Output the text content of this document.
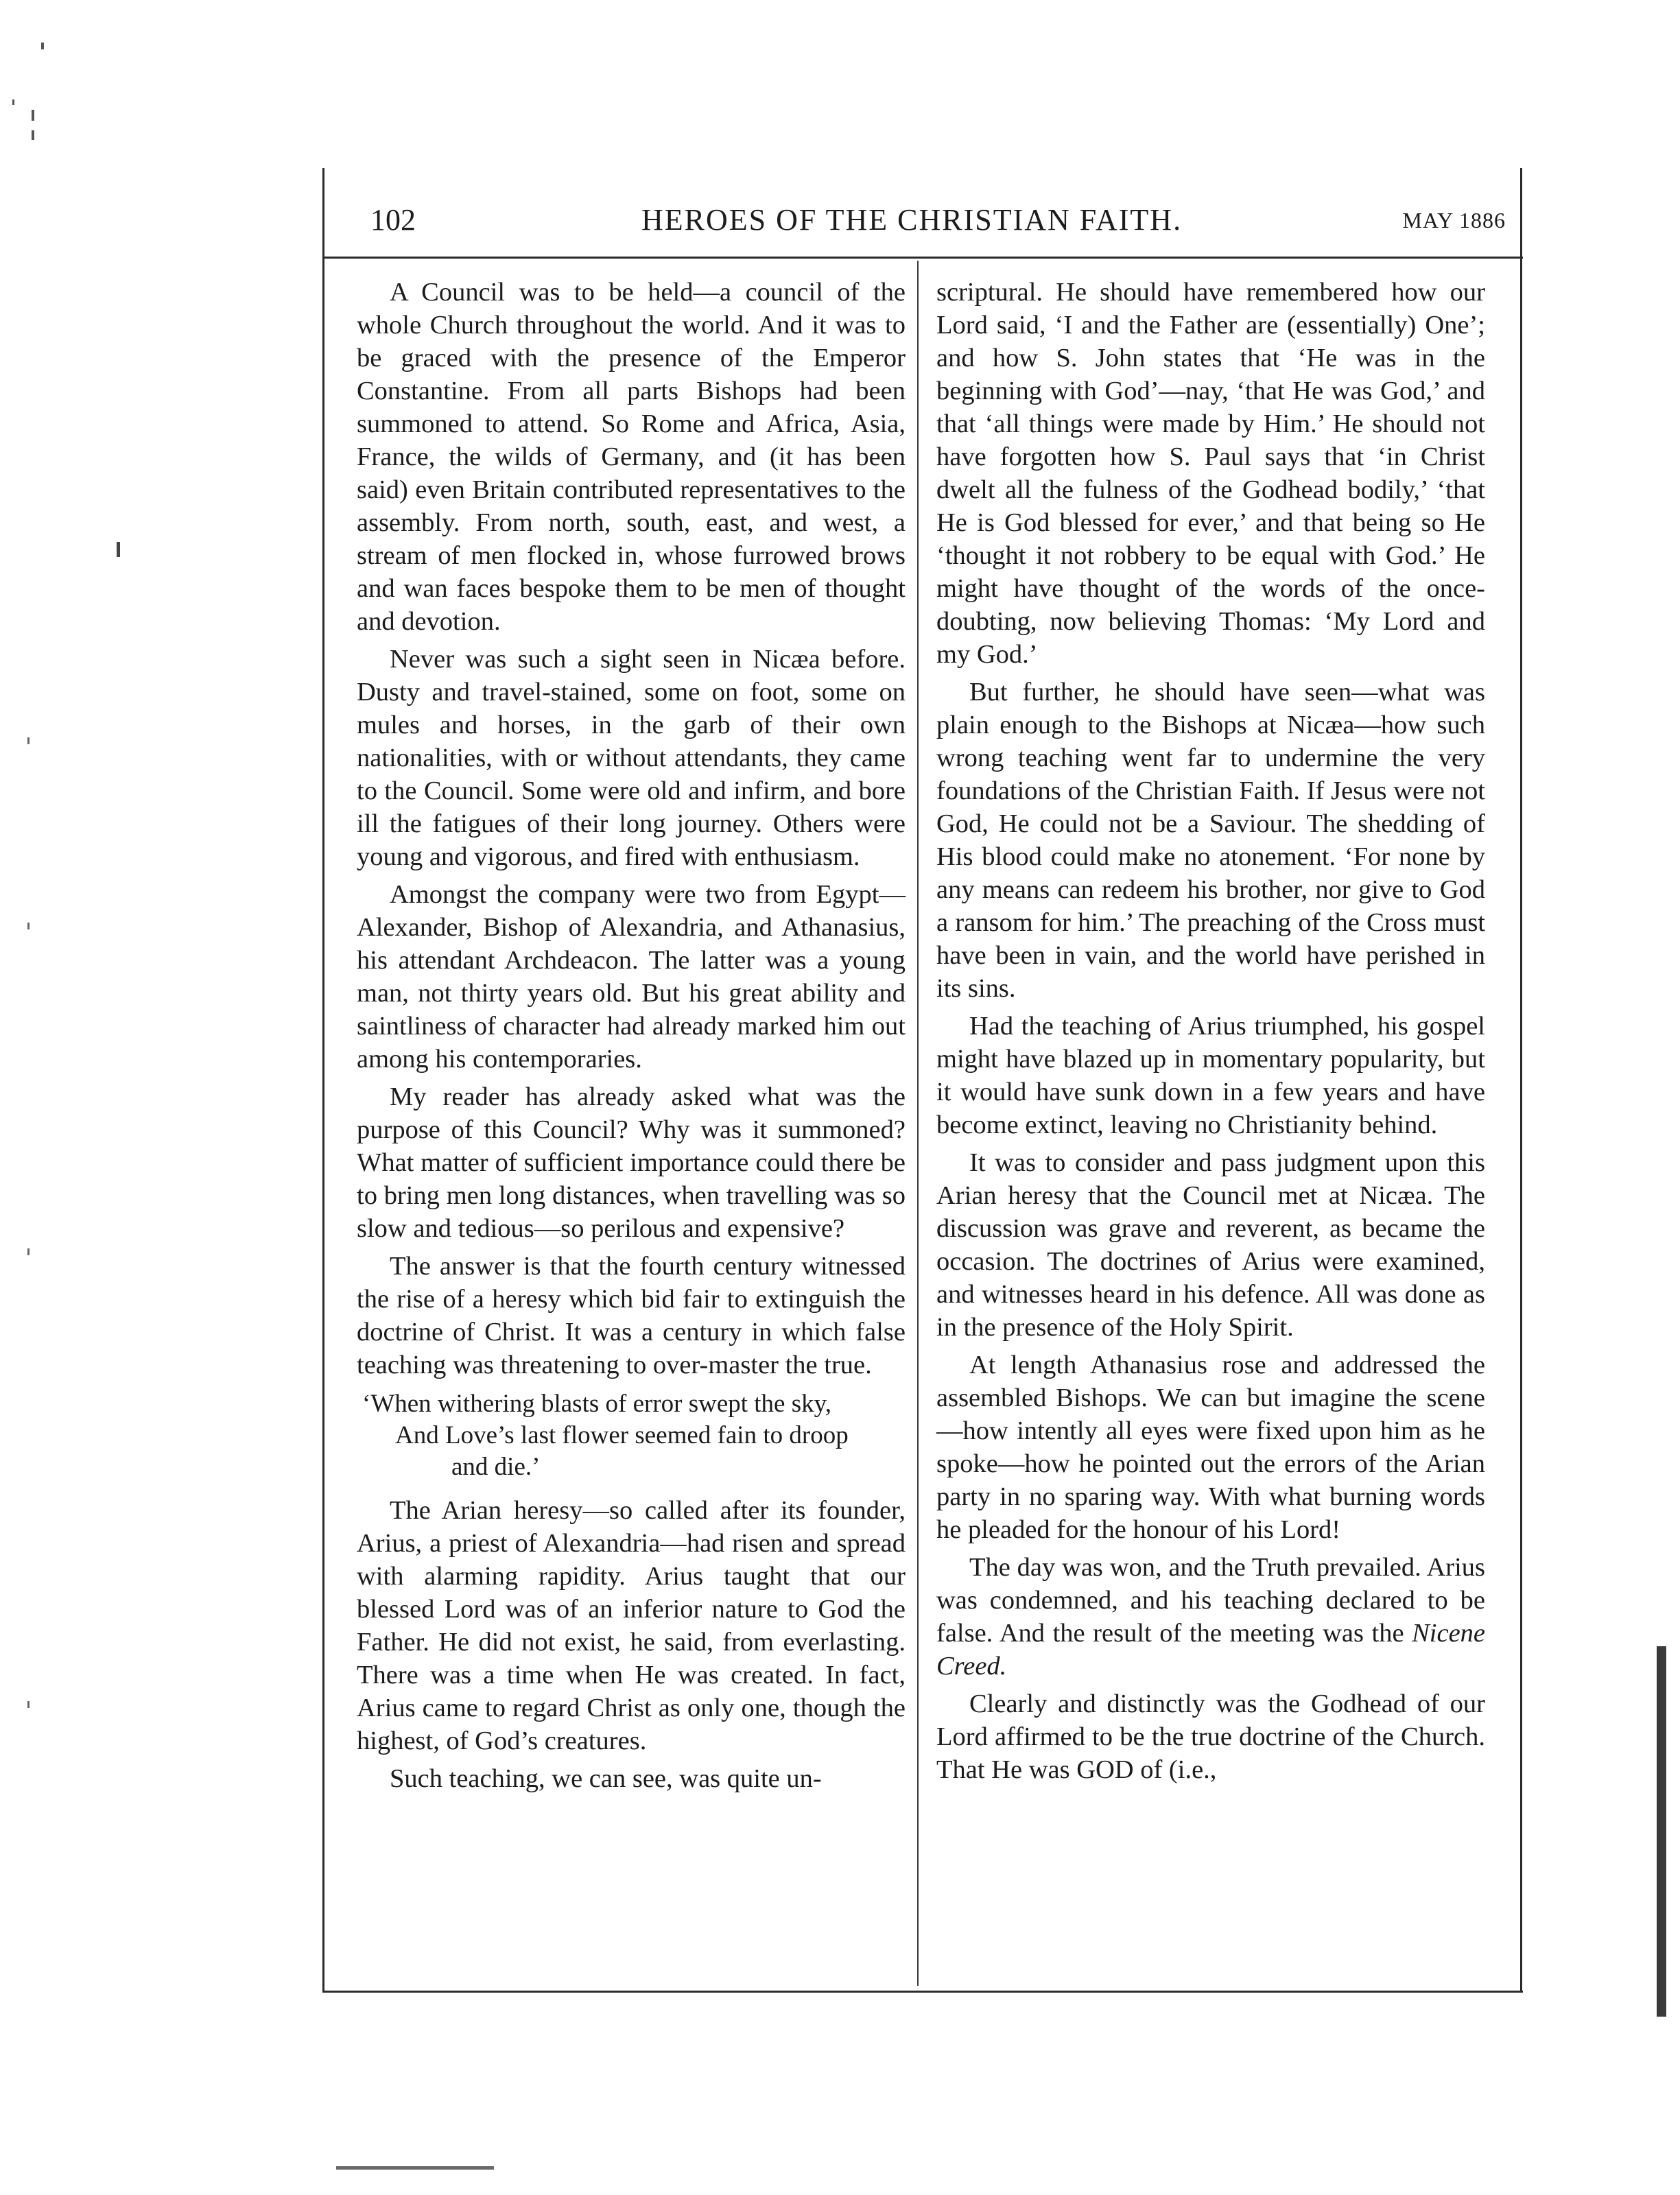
102	HEROES OF THE CHRISTIAN FAITH.	MAY 1886

A Council was to be held—a council of the whole Church throughout the world. And it was to be graced with the presence of the Emperor Constantine. From all parts Bishops had been summoned to attend. So Rome and Africa, Asia, France, the wilds of Germany, and (it has been said) even Britain contributed representatives to the assembly. From north, south, east, and west, a stream of men flocked in, whose furrowed brows and wan faces bespoke them to be men of thought and devotion.

Never was such a sight seen in Nicæa before. Dusty and travel-stained, some on foot, some on mules and horses, in the garb of their own nationalities, with or without attendants, they came to the Council. Some were old and infirm, and bore ill the fatigues of their long journey. Others were young and vigorous, and fired with enthusiasm.

Amongst the company were two from Egypt—Alexander, Bishop of Alexandria, and Athanasius, his attendant Archdeacon. The latter was a young man, not thirty years old. But his great ability and saintliness of character had already marked him out among his contemporaries.

My reader has already asked what was the purpose of this Council? Why was it summoned? What matter of sufficient importance could there be to bring men long distances, when travelling was so slow and tedious—so perilous and expensive?

The answer is that the fourth century witnessed the rise of a heresy which bid fair to extinguish the doctrine of Christ. It was a century in which false teaching was threatening to over-master the true.

‘When withering blasts of error swept the sky,
And Love’s last flower seemed fain to droop
and die.’

The Arian heresy—so called after its founder, Arius, a priest of Alexandria—had risen and spread with alarming rapidity. Arius taught that our blessed Lord was of an inferior nature to God the Father. He did not exist, he said, from everlasting. There was a time when He was created. In fact, Arius came to regard Christ as only one, though the highest, of God’s creatures.

Such teaching, we can see, was quite un-

scriptural. He should have remembered how our Lord said, ‘I and the Father are (essentially) One’; and how S. John states that ‘He was in the beginning with God’—nay, ‘that He was God,’ and that ‘all things were made by Him.’ He should not have forgotten how S. Paul says that ‘in Christ dwelt all the fulness of the Godhead bodily,’ ‘that He is God blessed for ever,’ and that being so He ‘thought it not robbery to be equal with God.’ He might have thought of the words of the once-doubting, now believing Thomas: ‘My Lord and my God.’

But further, he should have seen—what was plain enough to the Bishops at Nicæa—how such wrong teaching went far to undermine the very foundations of the Christian Faith. If Jesus were not God, He could not be a Saviour. The shedding of His blood could make no atonement. ‘For none by any means can redeem his brother, nor give to God a ransom for him.’ The preaching of the Cross must have been in vain, and the world have perished in its sins.

Had the teaching of Arius triumphed, his gospel might have blazed up in momentary popularity, but it would have sunk down in a few years and have become extinct, leaving no Christianity behind.

It was to consider and pass judgment upon this Arian heresy that the Council met at Nicæa. The discussion was grave and reverent, as became the occasion. The doctrines of Arius were examined, and witnesses heard in his defence. All was done as in the presence of the Holy Spirit.

At length Athanasius rose and addressed the assembled Bishops. We can but imagine the scene—how intently all eyes were fixed upon him as he spoke—how he pointed out the errors of the Arian party in no sparing way. With what burning words he pleaded for the honour of his Lord!

The day was won, and the Truth prevailed. Arius was condemned, and his teaching declared to be false. And the result of the meeting was the Nicene Creed.

Clearly and distinctly was the Godhead of our Lord affirmed to be the true doctrine of the Church. That He was GOD of (i.e.,
